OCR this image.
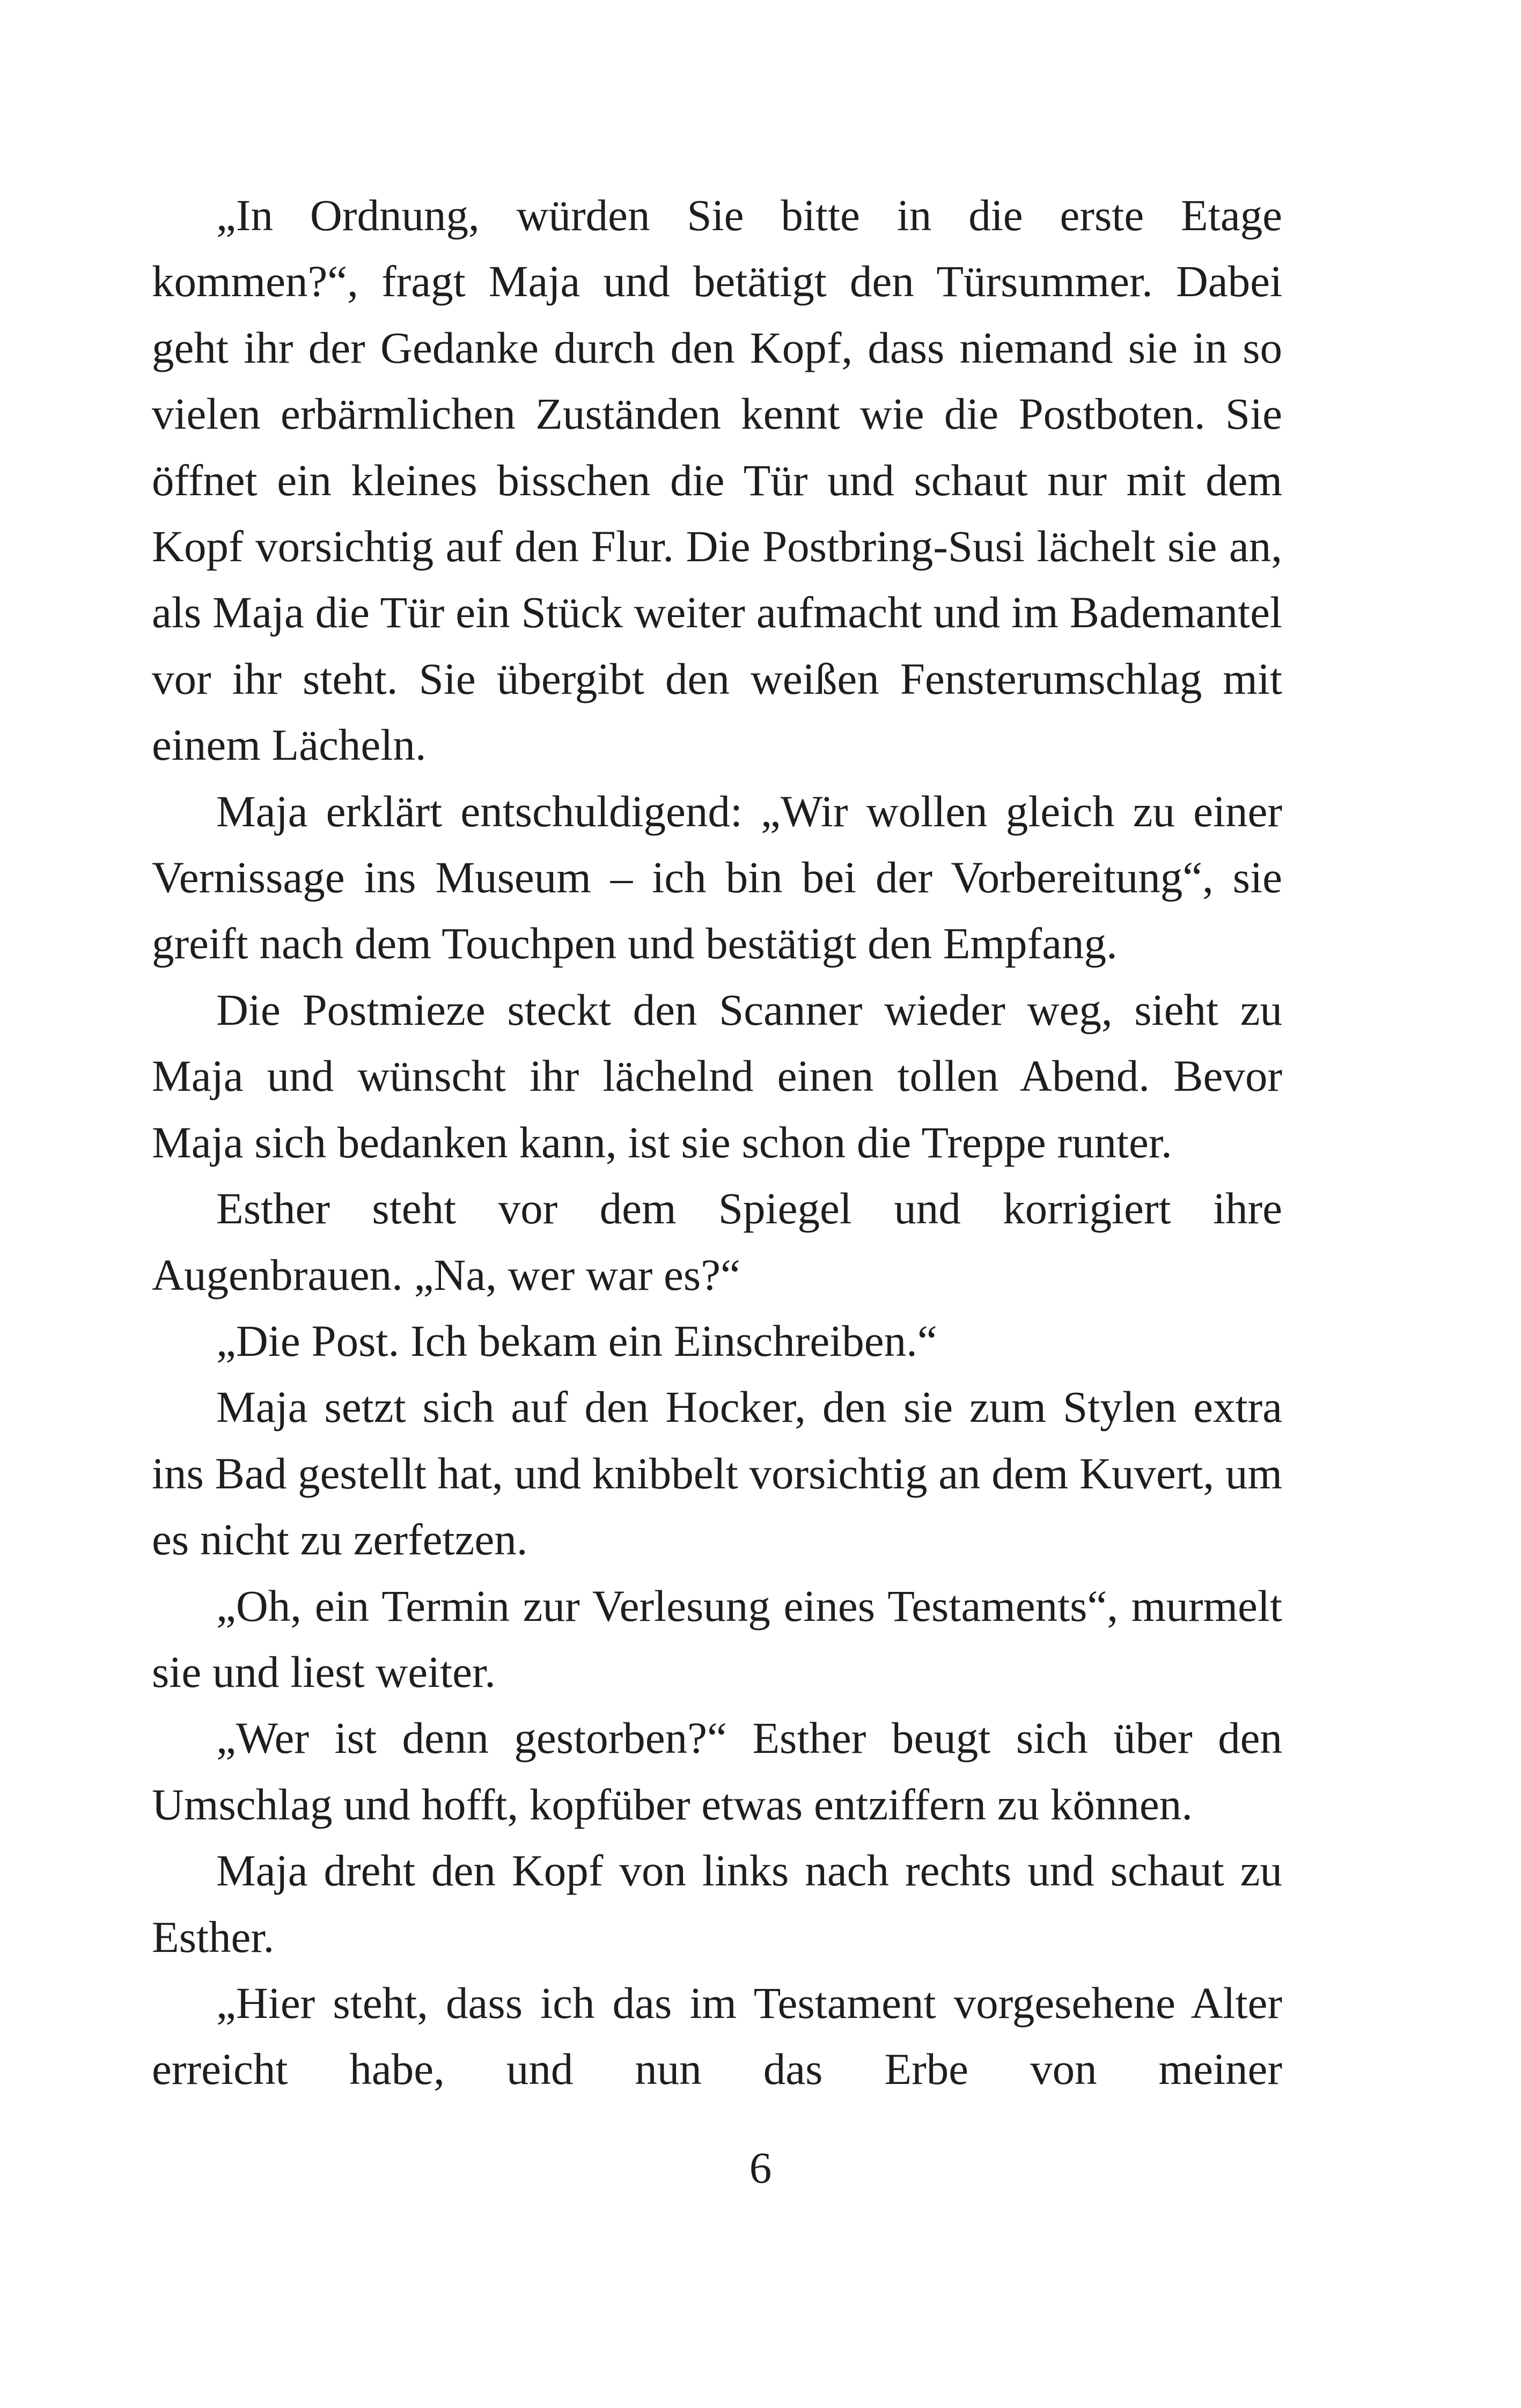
„In Ordnung, würden Sie bitte in die erste Etage kommen?“, fragt Maja und betätigt den Türsummer. Dabei geht ihr der Gedanke durch den Kopf, dass niemand sie in so vielen erbärmlichen Zuständen kennt wie die Postboten. Sie öffnet ein kleines bisschen die Tür und schaut nur mit dem Kopf vorsichtig auf den Flur. Die Postbring-Susi lächelt sie an, als Maja die Tür ein Stück weiter aufmacht und im Bademantel vor ihr steht. Sie übergibt den weißen Fensterumschlag mit einem Lächeln.

Maja erklärt entschuldigend: „Wir wollen gleich zu einer Vernissage ins Museum – ich bin bei der Vorbereitung“, sie greift nach dem Touchpen und bestätigt den Empfang.

Die Postmieze steckt den Scanner wieder weg, sieht zu Maja und wünscht ihr lächelnd einen tollen Abend. Bevor Maja sich bedanken kann, ist sie schon die Treppe runter.

Esther steht vor dem Spiegel und korrigiert ihre Augenbrauen. „Na, wer war es?“

„Die Post. Ich bekam ein Einschreiben.“

Maja setzt sich auf den Hocker, den sie zum Stylen extra ins Bad gestellt hat, und knibbelt vorsichtig an dem Kuvert, um es nicht zu zerfetzen.

„Oh, ein Termin zur Verlesung eines Testaments“, murmelt sie und liest weiter.

„Wer ist denn gestorben?“ Esther beugt sich über den Umschlag und hofft, kopfüber etwas entziffern zu können.

Maja dreht den Kopf von links nach rechts und schaut zu Esther.

„Hier steht, dass ich das im Testament vorgesehene Alter erreicht habe, und nun das Erbe von meiner

6
